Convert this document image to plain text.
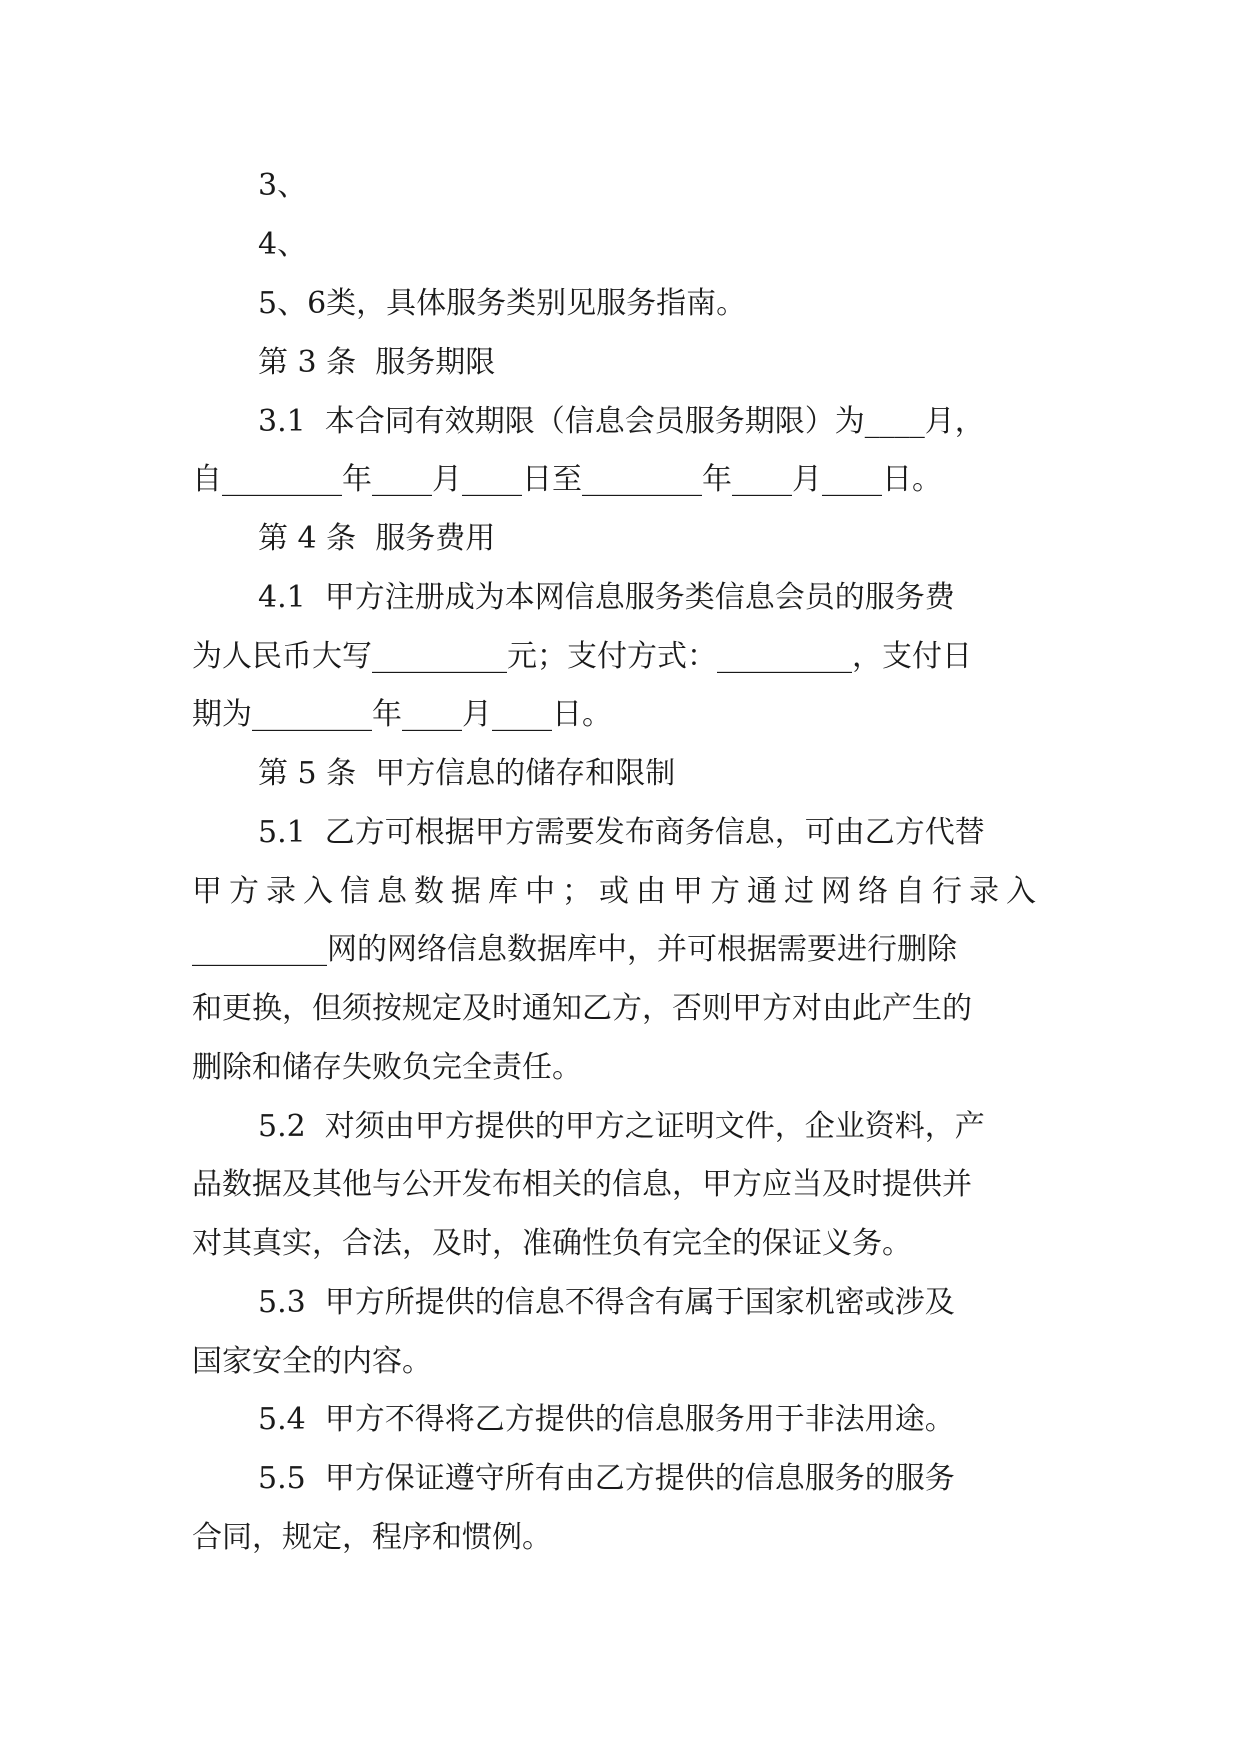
3、

4、

5、6类，具体服务类别见服务指南。

第 3 条  服务期限

3.1  本合同有效期限（信息会员服务期限）为____月，

自________年____月____日至________年____月____日。

第 4 条  服务费用

4.1  甲方注册成为本网信息服务类信息会员的服务费

为人民币大写_________元；支付方式：_________，支付日

期为________年____月____日。

第 5 条  甲方信息的储存和限制

5.1  乙方可根据甲方需要发布商务信息，可由乙方代替

甲方录入信息数据库中；或由甲方通过网络自行录入

_________网的网络信息数据库中，并可根据需要进行删除

和更换，但须按规定及时通知乙方，否则甲方对由此产生的

删除和储存失败负完全责任。

5.2  对须由甲方提供的甲方之证明文件，企业资料，产

品数据及其他与公开发布相关的信息，甲方应当及时提供并

对其真实，合法，及时，准确性负有完全的保证义务。

5.3  甲方所提供的信息不得含有属于国家机密或涉及

国家安全的内容。

5.4  甲方不得将乙方提供的信息服务用于非法用途。

5.5  甲方保证遵守所有由乙方提供的信息服务的服务

合同，规定，程序和惯例。
